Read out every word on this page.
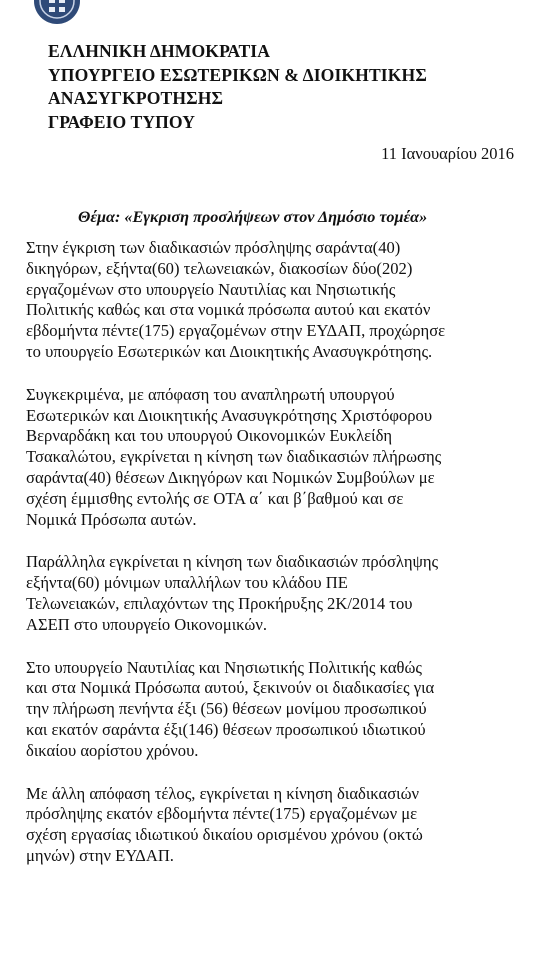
ΕΛΛΗΝΙΚΗ ΔΗΜΟΚΡΑΤΙΑ
ΥΠΟΥΡΓΕΙΟ ΕΣΩΤΕΡΙΚΩΝ & ΔΙΟΙΚΗΤΙΚΗΣ
ΑΝΑΣΥΓΚΡΟΤΗΣΗΣ
ΓΡΑΦΕΙΟ ΤΥΠΟΥ
11 Ιανουαρίου 2016
Θέμα: «Εγκριση προσλήψεων στον Δημόσιο τομέα»

Στην έγκριση των διαδικασιών πρόσληψης σαράντα(40)
δικηγόρων, εξήντα(60) τελωνειακών, διακοσίων δύο(202)
εργαζομένων στο υπουργείο Ναυτιλίας και Νησιωτικής
Πολιτικής καθώς και στα νομικά πρόσωπα αυτού και εκατόν
εβδομήντα πέντε(175) εργαζομένων στην ΕΥΔΑΠ, προχώρησε
το υπουργείο Εσωτερικών και Διοικητικής Ανασυγκρότησης.

Συγκεκριμένα, με απόφαση του αναπληρωτή υπουργού
Εσωτερικών και Διοικητικής Ανασυγκρότησης Χριστόφορου
Βερναρδάκη και του υπουργού Οικονομικών Ευκλείδη
Τσακαλώτου, εγκρίνεται η κίνηση των διαδικασιών πλήρωσης
σαράντα(40) θέσεων Δικηγόρων και Νομικών Συμβούλων με
σχέση έμμισθης εντολής σε ΟΤΑ α΄ και β΄βαθμού και σε
Νομικά Πρόσωπα αυτών.

Παράλληλα εγκρίνεται η κίνηση των διαδικασιών πρόσληψης
εξήντα(60) μόνιμων υπαλλήλων του κλάδου ΠΕ
Τελωνειακών, επιλαχόντων της Προκήρυξης 2Κ/2014 του
ΑΣΕΠ στο υπουργείο Οικονομικών.

Στο υπουργείο Ναυτιλίας και Νησιωτικής Πολιτικής καθώς
και στα Νομικά Πρόσωπα αυτού, ξεκινούν οι διαδικασίες για
την πλήρωση πενήντα έξι (56) θέσεων μονίμου προσωπικού
και εκατόν σαράντα έξι(146) θέσεων προσωπικού ιδιωτικού
δικαίου αορίστου χρόνου.

Με άλλη απόφαση τέλος, εγκρίνεται η κίνηση διαδικασιών
πρόσληψης εκατόν εβδομήντα πέντε(175) εργαζομένων με
σχέση εργασίας ιδιωτικού δικαίου ορισμένου χρόνου (οκτώ
μηνών) στην ΕΥΔΑΠ.
